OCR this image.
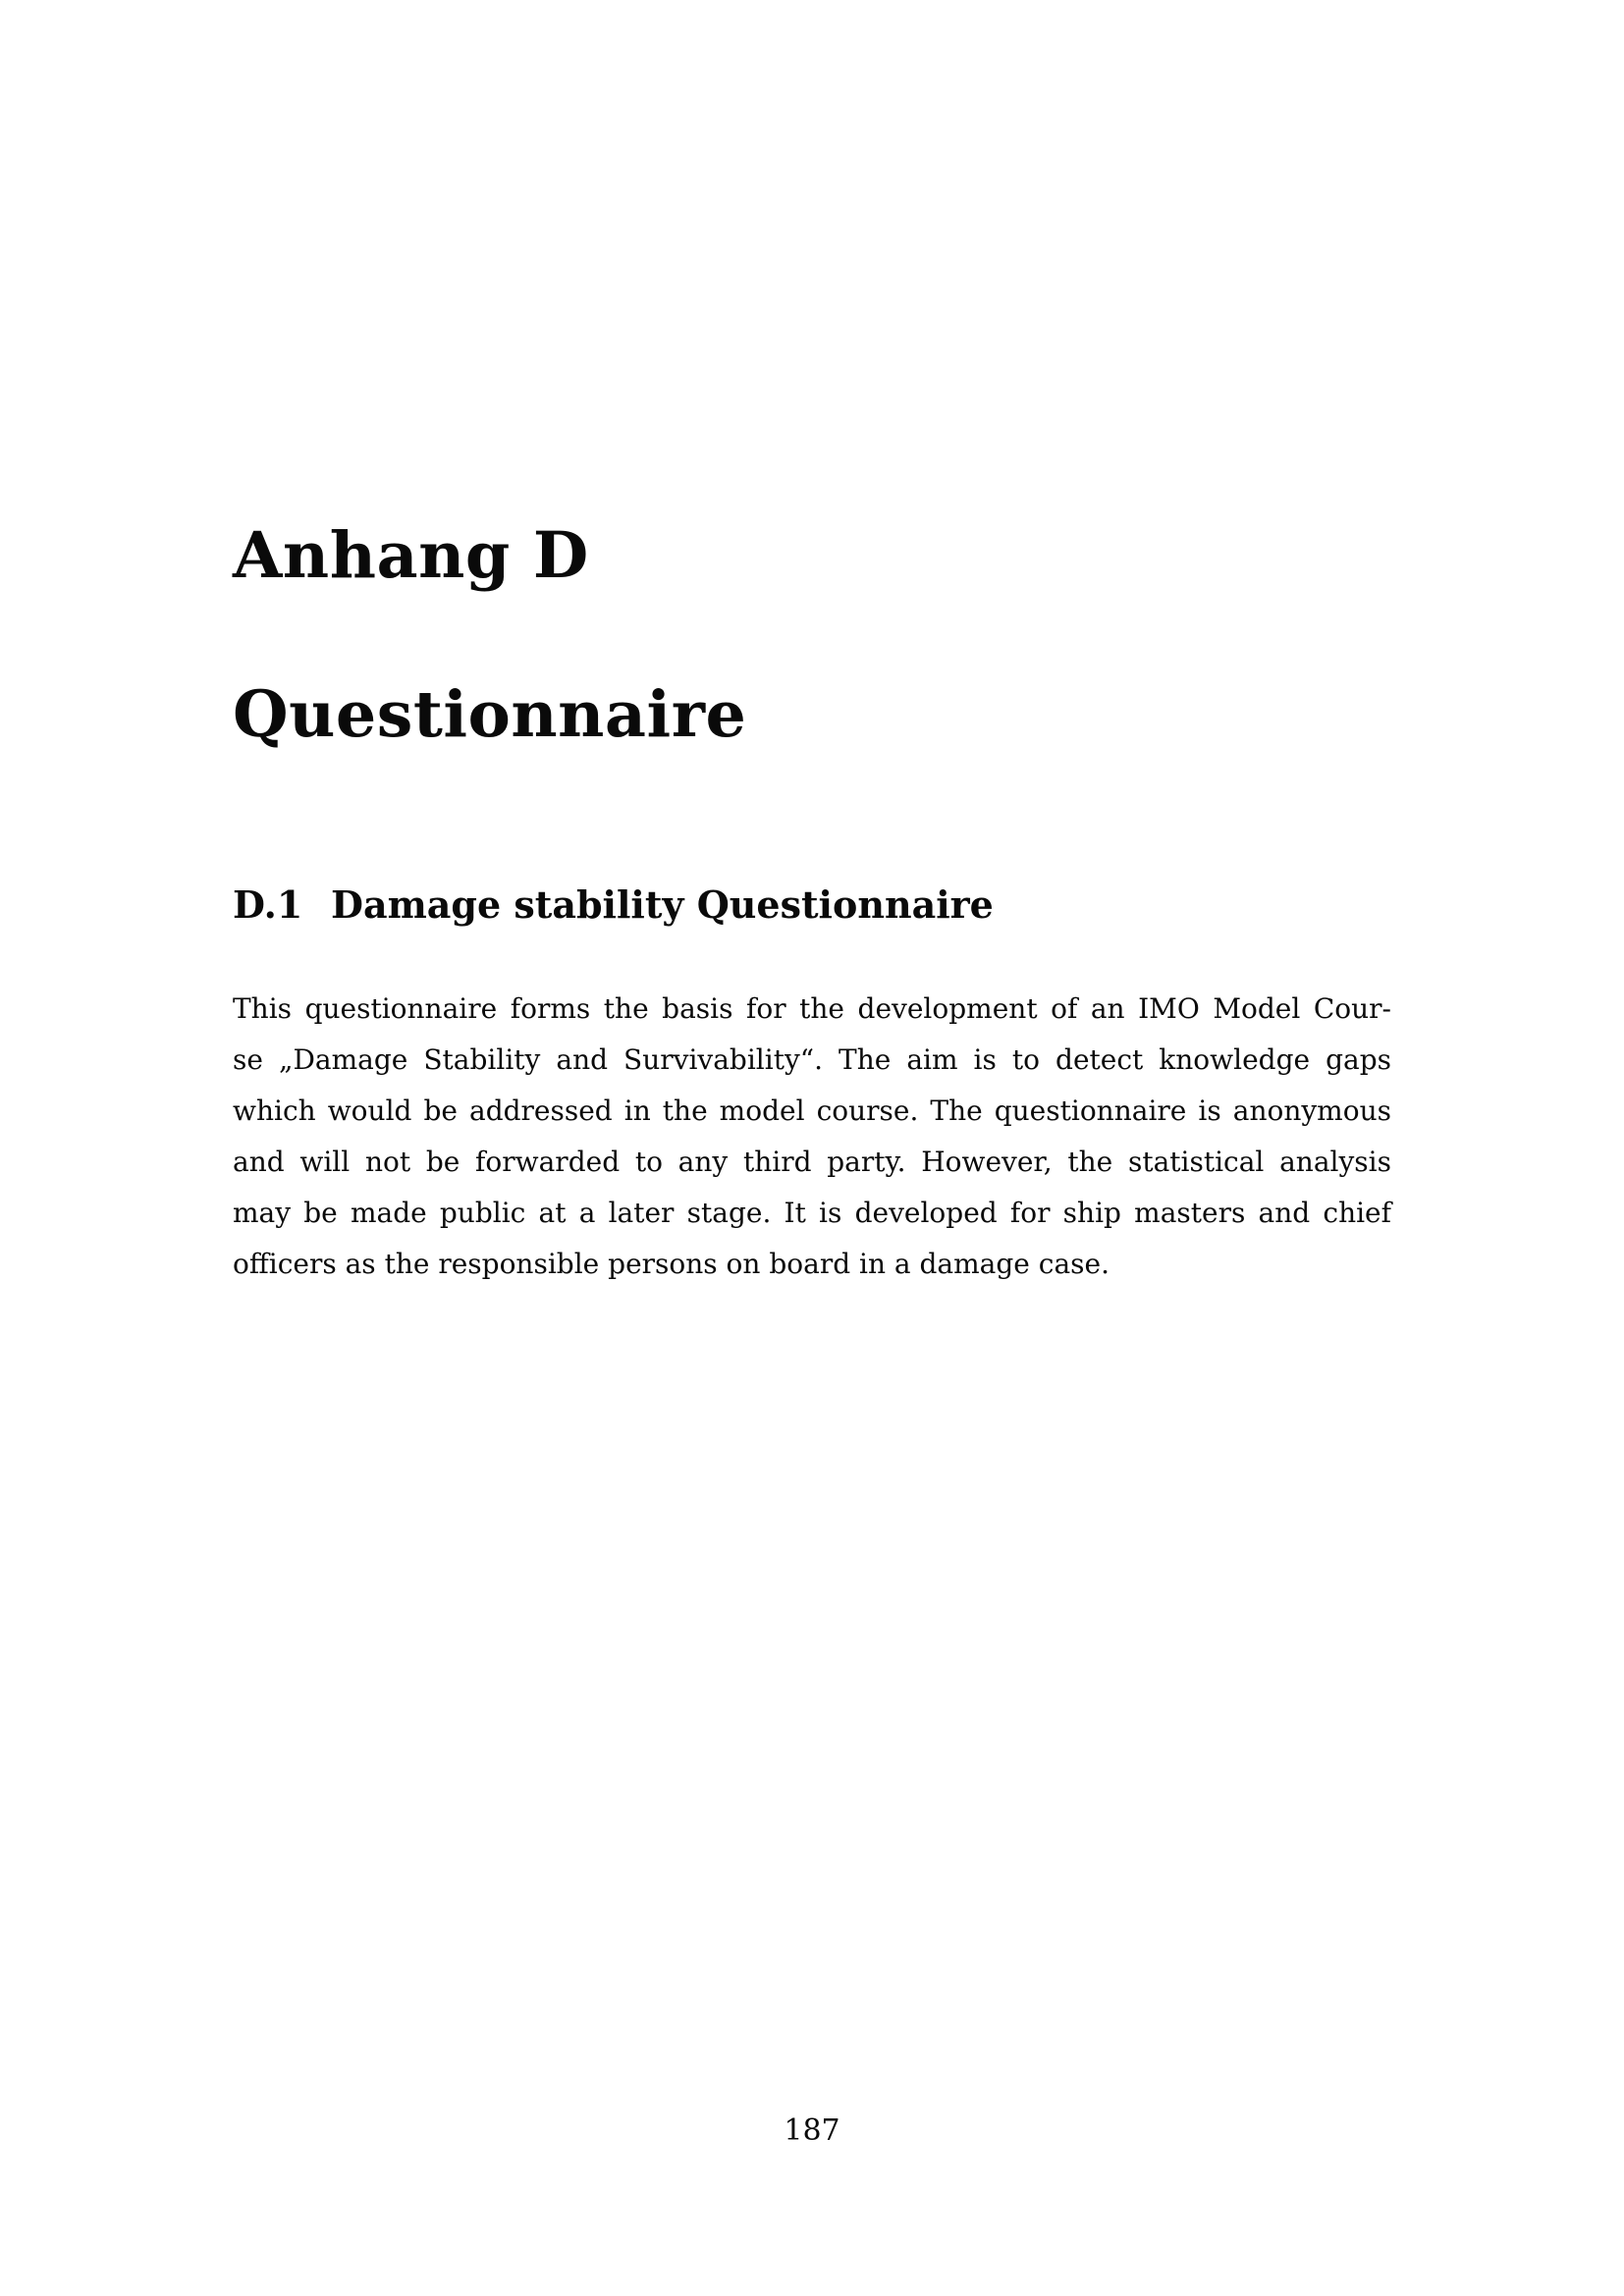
Anhang D
Questionnaire
D.1 Damage stability Questionnaire
This questionnaire forms the basis for the development of an IMO Model Cour-
se „Damage Stability and Survivability“. The aim is to detect knowledge gaps
which would be addressed in the model course. The questionnaire is anonymous
and will not be forwarded to any third party. However, the statistical analysis
may be made public at a later stage. It is developed for ship masters and chief
officers as the responsible persons on board in a damage case.
187
